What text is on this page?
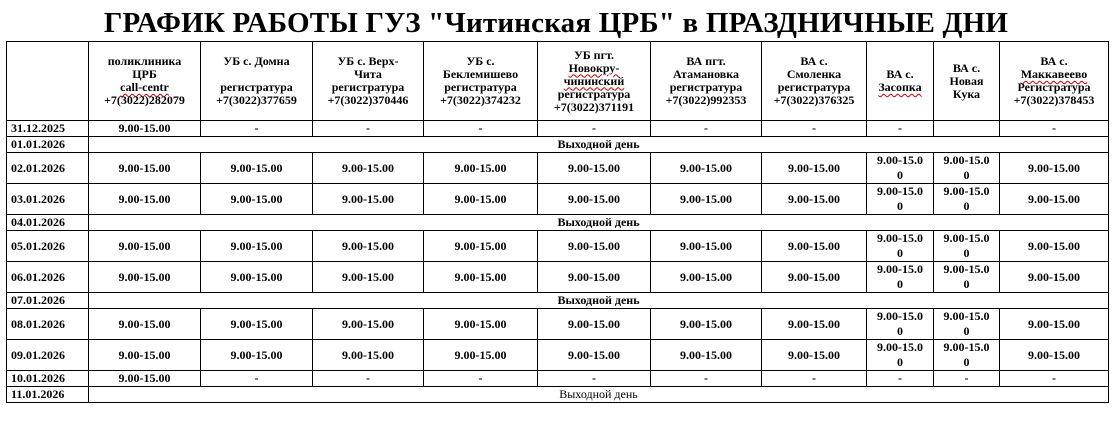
ГРАФИК РАБОТЫ ГУЗ "Читинская ЦРБ" в ПРАЗДНИЧНЫЕ ДНИ

	поликлиника
ЦРБ
call-centr
+7(3022)282079	УБ с. Домна

регистратура
+7(3022)377659	УБ с. Верх-
Чита
регистратура
+7(3022)370446	УБ с.
Беклемишево
регистратура
+7(3022)374232	УБ пгт.
Новокру-
чининский
регистратура
+7(3022)371191	ВА пгт.
Атамановка
регистратура
+7(3022)992353	ВА с.
Смоленка
регистратура
+7(3022)376325	ВА с.
Засопка	ВА с.
Новая
Кука	ВА с.
Маккавеево
Регистратура
+7(3022)378453

31.12.2025	9.00-15.00	-	-	-	-	-	-	-		-
01.01.2026	Выходной день									
02.01.2026	9.00-15.00	9.00-15.00	9.00-15.00	9.00-15.00	9.00-15.00	9.00-15.00	9.00-15.00	9.00-15.00	9.00-15.00	9.00-15.00
03.01.2026	9.00-15.00	9.00-15.00	9.00-15.00	9.00-15.00	9.00-15.00	9.00-15.00	9.00-15.00	9.00-15.00	9.00-15.00	9.00-15.00
04.01.2026	Выходной день									
05.01.2026	9.00-15.00	9.00-15.00	9.00-15.00	9.00-15.00	9.00-15.00	9.00-15.00	9.00-15.00	9.00-15.00	9.00-15.00	9.00-15.00
06.01.2026	9.00-15.00	9.00-15.00	9.00-15.00	9.00-15.00	9.00-15.00	9.00-15.00	9.00-15.00	9.00-15.00	9.00-15.00	9.00-15.00
07.01.2026	Выходной день									
08.01.2026	9.00-15.00	9.00-15.00	9.00-15.00	9.00-15.00	9.00-15.00	9.00-15.00	9.00-15.00	9.00-15.00	9.00-15.00	9.00-15.00
09.01.2026	9.00-15.00	9.00-15.00	9.00-15.00	9.00-15.00	9.00-15.00	9.00-15.00	9.00-15.00	9.00-15.00	9.00-15.00	9.00-15.00
10.01.2026	9.00-15.00	-	-	-	-	-	-	-	-	-
11.01.2026	Выходной день									
